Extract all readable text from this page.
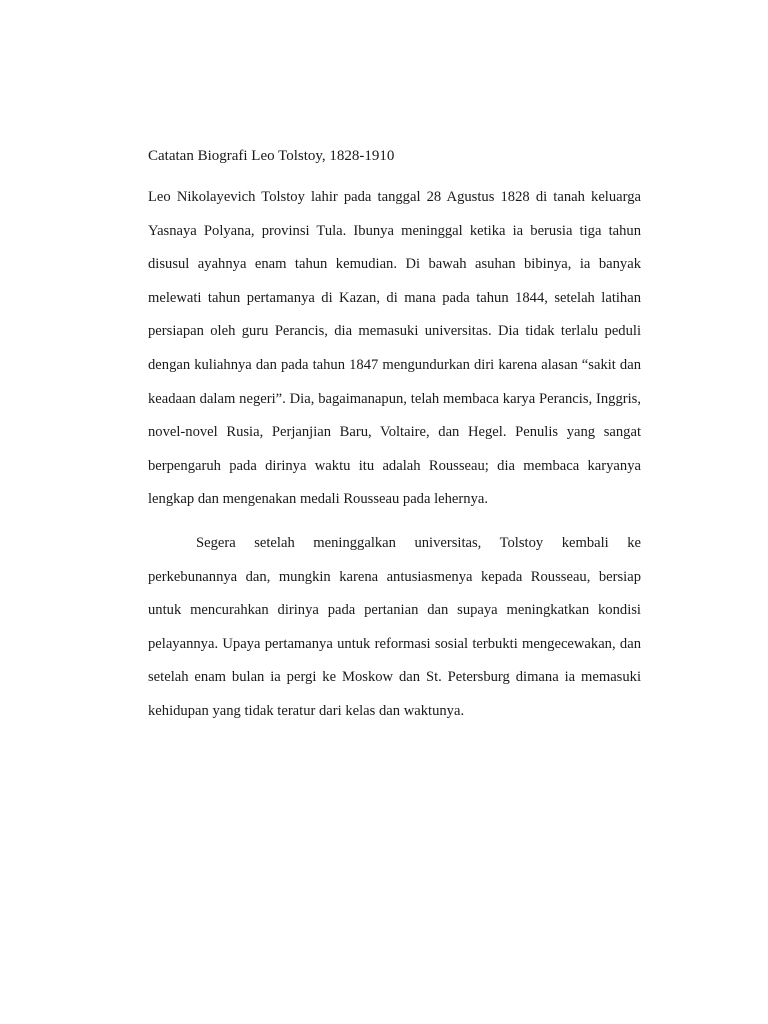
Catatan Biografi Leo Tolstoy, 1828-1910

Leo Nikolayevich Tolstoy lahir pada tanggal 28 Agustus 1828 di tanah keluarga Yasnaya Polyana, provinsi Tula. Ibunya meninggal ketika ia berusia tiga tahun disusul ayahnya enam tahun kemudian. Di bawah asuhan bibinya, ia banyak melewati tahun pertamanya di Kazan, di mana pada tahun 1844, setelah latihan persiapan oleh guru Perancis, dia memasuki universitas. Dia tidak terlalu peduli dengan kuliahnya dan pada tahun 1847 mengundurkan diri karena alasan “sakit dan keadaan dalam negeri”. Dia, bagaimanapun, telah membaca karya Perancis, Inggris, novel-novel Rusia, Perjanjian Baru, Voltaire, dan Hegel. Penulis yang sangat berpengaruh pada dirinya waktu itu adalah Rousseau; dia membaca karyanya lengkap dan mengenakan medali Rousseau pada lehernya.

Segera setelah meninggalkan universitas, Tolstoy kembali ke perkebunannya dan, mungkin karena antusiasmenya kepada Rousseau, bersiap untuk mencurahkan dirinya pada pertanian dan supaya meningkatkan kondisi pelayannya. Upaya pertamanya untuk reformasi sosial terbukti mengecewakan, dan setelah enam bulan ia pergi ke Moskow dan St. Petersburg dimana ia memasuki kehidupan yang tidak teratur dari kelas dan waktunya.
